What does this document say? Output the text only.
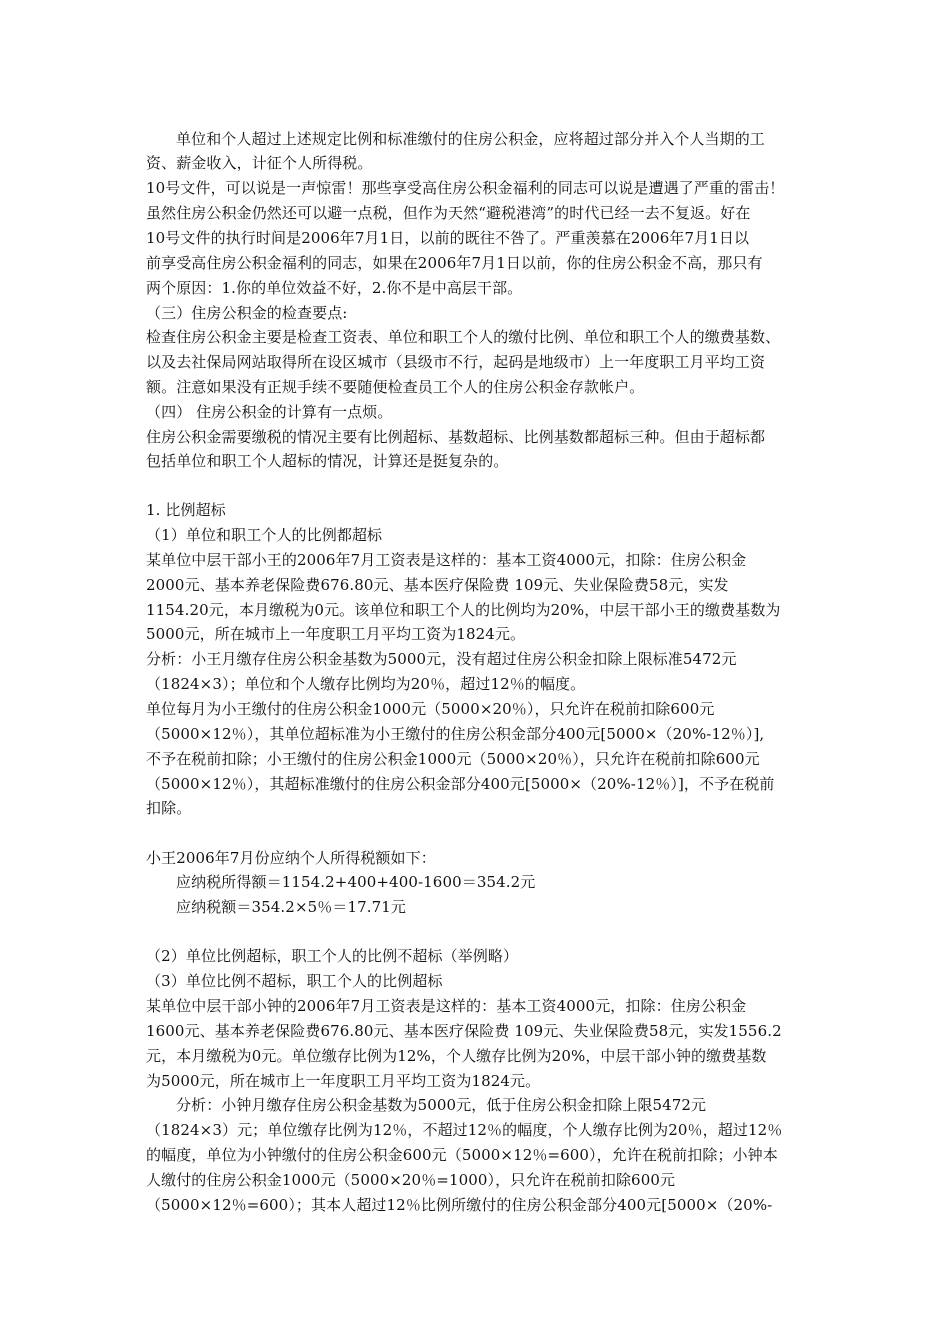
单位和个人超过上述规定比例和标准缴付的住房公积金，应将超过部分并入个人当期的工
资、薪金收入，计征个人所得税。
10号文件，可以说是一声惊雷！那些享受高住房公积金福利的同志可以说是遭遇了严重的雷击！
虽然住房公积金仍然还可以避一点税，但作为天然“避税港湾”的时代已经一去不复返。好在
10号文件的执行时间是2006年7月1日，以前的既往不咎了。严重羡慕在2006年7月1日以
前享受高住房公积金福利的同志，如果在2006年7月1日以前，你的住房公积金不高，那只有
两个原因：1.你的单位效益不好，2.你不是中高层干部。
（三）住房公积金的检查要点:
检查住房公积金主要是检查工资表、单位和职工个人的缴付比例、单位和职工个人的缴费基数、
以及去社保局网站取得所在设区城市（县级市不行，起码是地级市）上一年度职工月平均工资
额。注意如果没有正规手续不要随便检查员工个人的住房公积金存款帐户。
（四） 住房公积金的计算有一点烦。
住房公积金需要缴税的情况主要有比例超标、基数超标、比例基数都超标三种。但由于超标都
包括单位和职工个人超标的情况，计算还是挺复杂的。
1. 比例超标
（1）单位和职工个人的比例都超标
某单位中层干部小王的2006年7月工资表是这样的：基本工资4000元，扣除：住房公积金
2000元、基本养老保险费676.80元、基本医疗保险费 109元、失业保险费58元，实发
1154.20元，本月缴税为0元。该单位和职工个人的比例均为20%，中层干部小王的缴费基数为
5000元，所在城市上一年度职工月平均工资为1824元。
分析：小王月缴存住房公积金基数为5000元，没有超过住房公积金扣除上限标准5472元
（1824×3）；单位和个人缴存比例均为20％，超过12％的幅度。
单位每月为小王缴付的住房公积金1000元（5000×20％），只允许在税前扣除600元
（5000×12％），其单位超标准为小王缴付的住房公积金部分400元[5000×（20%-12％）],
不予在税前扣除；小王缴付的住房公积金1000元（5000×20％），只允许在税前扣除600元
（5000×12％），其超标准缴付的住房公积金部分400元[5000×（20%-12％）]，不予在税前
扣除。
小王2006年7月份应纳个人所得税额如下：
应纳税所得额＝1154.2+400+400-1600＝354.2元
应纳税额＝354.2×5％＝17.71元
（2）单位比例超标，职工个人的比例不超标（举例略）
（3）单位比例不超标，职工个人的比例超标
某单位中层干部小钟的2006年7月工资表是这样的：基本工资4000元，扣除：住房公积金
1600元、基本养老保险费676.80元、基本医疗保险费 109元、失业保险费58元，实发1556.2
元，本月缴税为0元。单位缴存比例为12%，个人缴存比例为20%，中层干部小钟的缴费基数
为5000元，所在城市上一年度职工月平均工资为1824元。
分析：小钟月缴存住房公积金基数为5000元，低于住房公积金扣除上限5472元
（1824×3）元；单位缴存比例为12％，不超过12％的幅度，个人缴存比例为20％，超过12％
的幅度，单位为小钟缴付的住房公积金600元（5000×12％=600），允许在税前扣除；小钟本
人缴付的住房公积金1000元（5000×20％=1000），只允许在税前扣除600元
（5000×12％=600）；其本人超过12％比例所缴付的住房公积金部分400元[5000×（20%-
